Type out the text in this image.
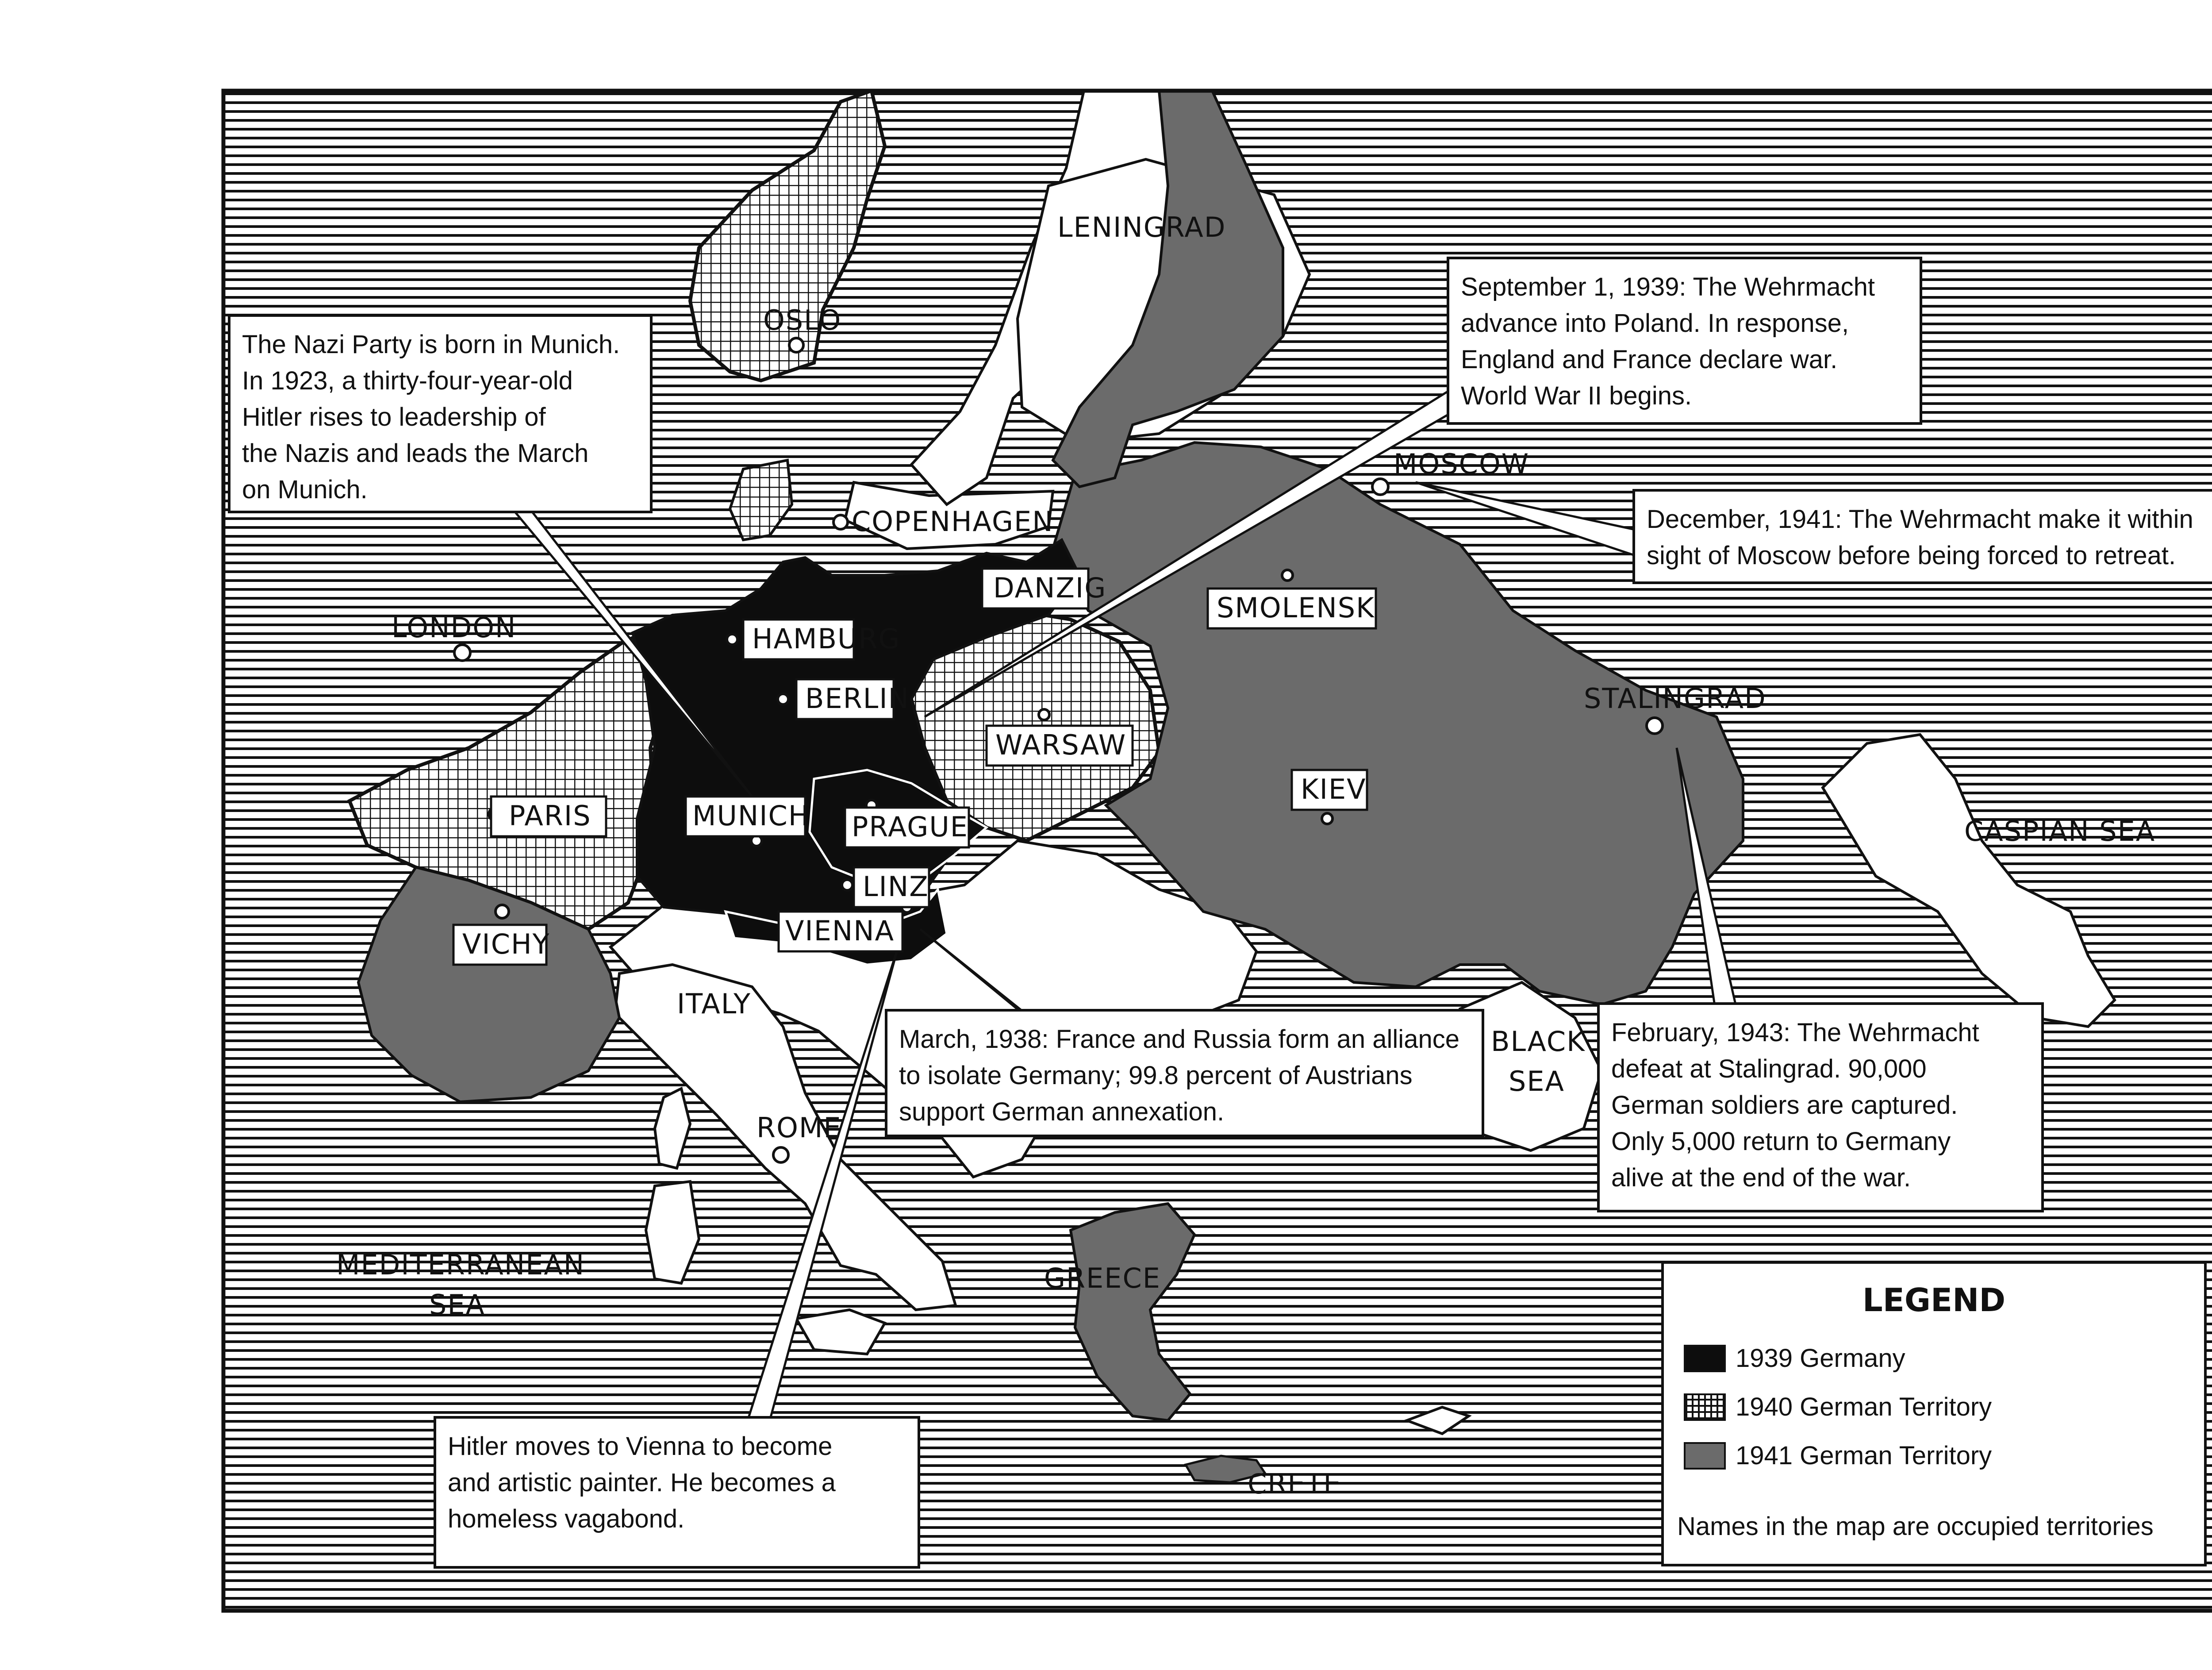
OSLO
COPENHAGEN
LENINGRAD
MOSCOW
DANZIG
HAMBURG
BERLIN
LONDON
SMOLENSK
WARSAW
STALINGRAD
PARIS	MUNICH PRAGUE
KIEV
LINZ
VIENNA
VICHY
ITALY
ROME
GREECE
CRETE
CASPIAN SEA
BLACK
SEA
MEDITERRANEAN
SEA

The Nazi Party is born in Munich.

In 1923, a thirty-four-year-old

Hitler rises to leadership of

the Nazis and leads the March

on Munich.

September 1, 1939: The Wehrmacht

advance into Poland. In response,

England and France declare war.

World War II begins.

December, 1941: The Wehrmacht make it within

sight of Moscow before being forced to retreat.

March, 1938: France and Russia form an alliance

to isolate Germany; 99.8 percent of Austrians

support German annexation.

February, 1943: The Wehrmacht

defeat at Stalingrad. 90,000

German soldiers are captured.

Only 5,000 return to Germany

alive at the end of the war.

Hitler moves to Vienna to become

and artistic painter. He becomes a

homeless vagabond.

LEGEND
1939 Germany
1940 German Territory
1941 German Territory
Names in the map are occupied territories
